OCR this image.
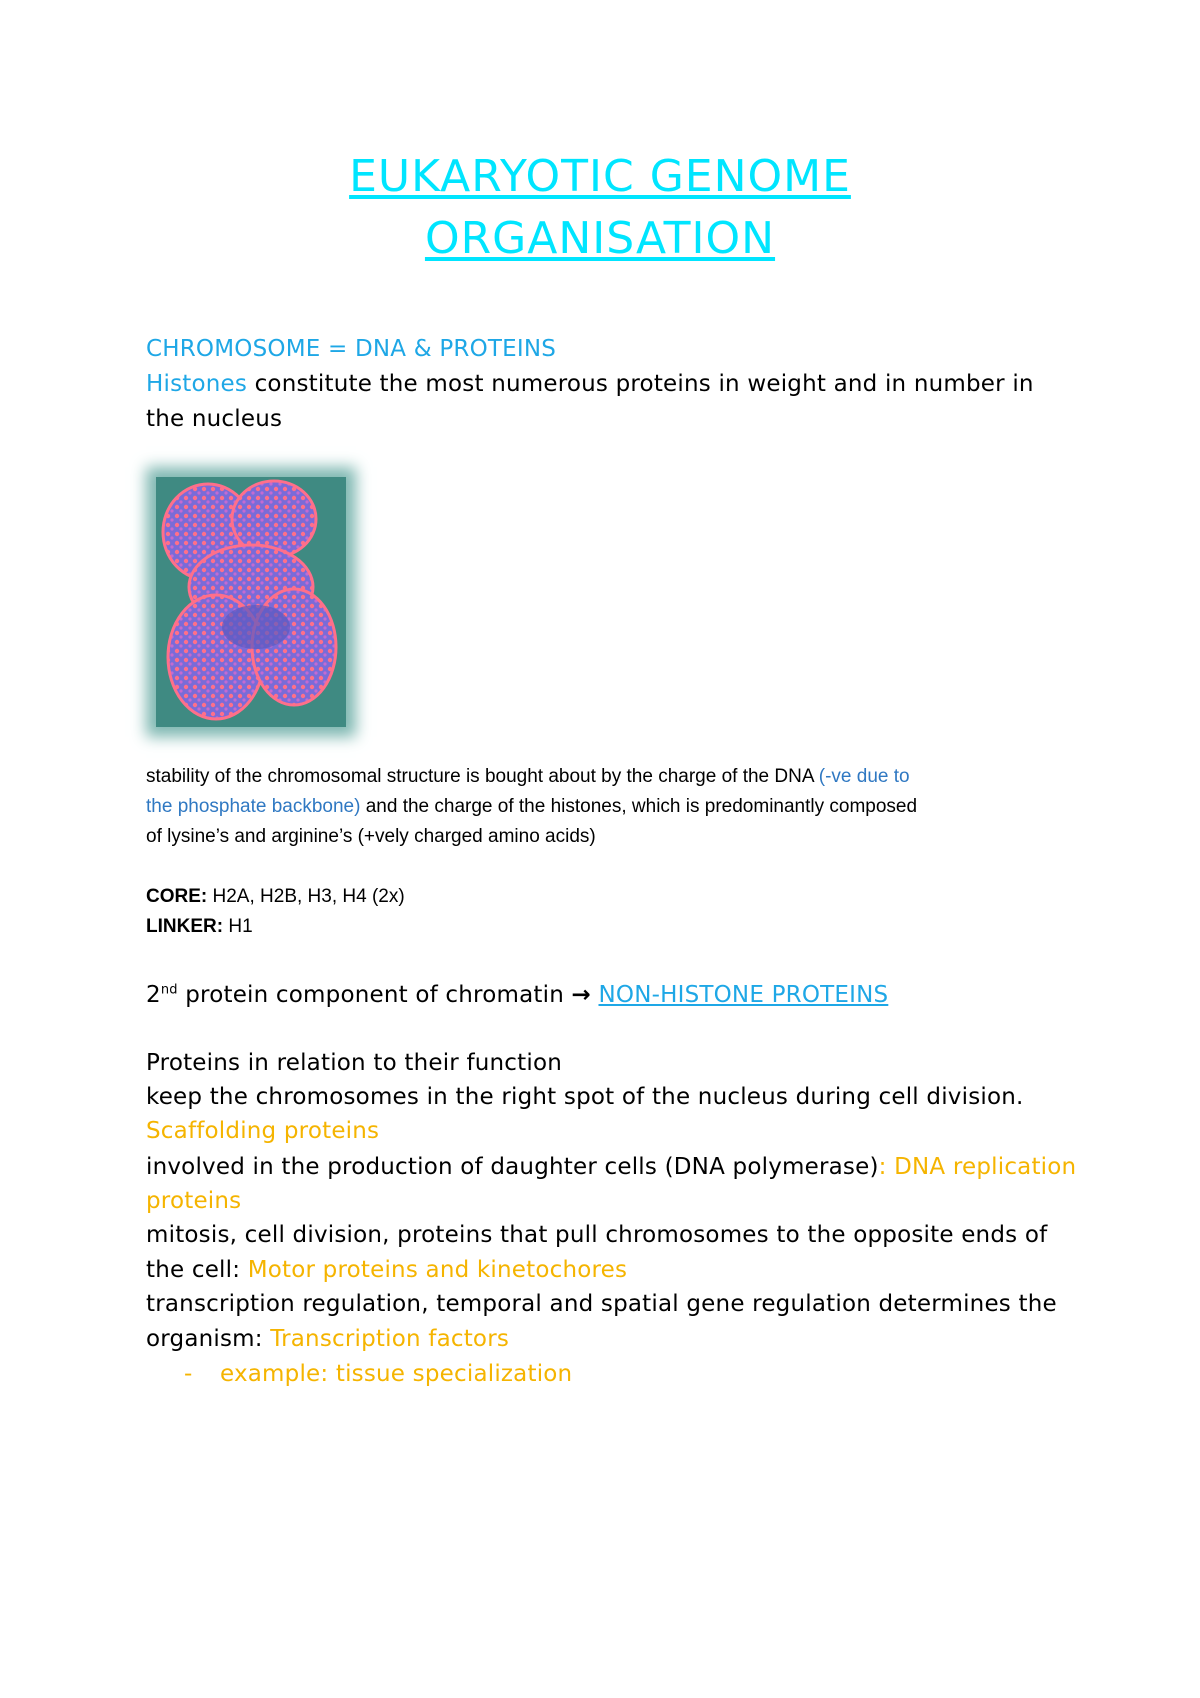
EUKARYOTIC GENOME
ORGANISATION
CHROMOSOME = DNA & PROTEINS
Histones constitute the most numerous proteins in weight and in number in
the nucleus
stability of the chromosomal structure is bought about by the charge of the DNA (-ve due to
the phosphate backbone) and the charge of the histones, which is predominantly composed
of lysine’s and arginine’s (+vely charged amino acids)
CORE: H2A, H2B, H3, H4 (2x)
LINKER: H1
2nd protein component of chromatin → NON-HISTONE PROTEINS
Proteins in relation to their function
keep the chromosomes in the right spot of the nucleus during cell division.
Scaffolding proteins
involved in the production of daughter cells (DNA polymerase): DNA replication
proteins
mitosis, cell division, proteins that pull chromosomes to the opposite ends of
the cell: Motor proteins and kinetochores
transcription regulation, temporal and spatial gene regulation determines the
organism: Transcription factors
- example: tissue specialization
